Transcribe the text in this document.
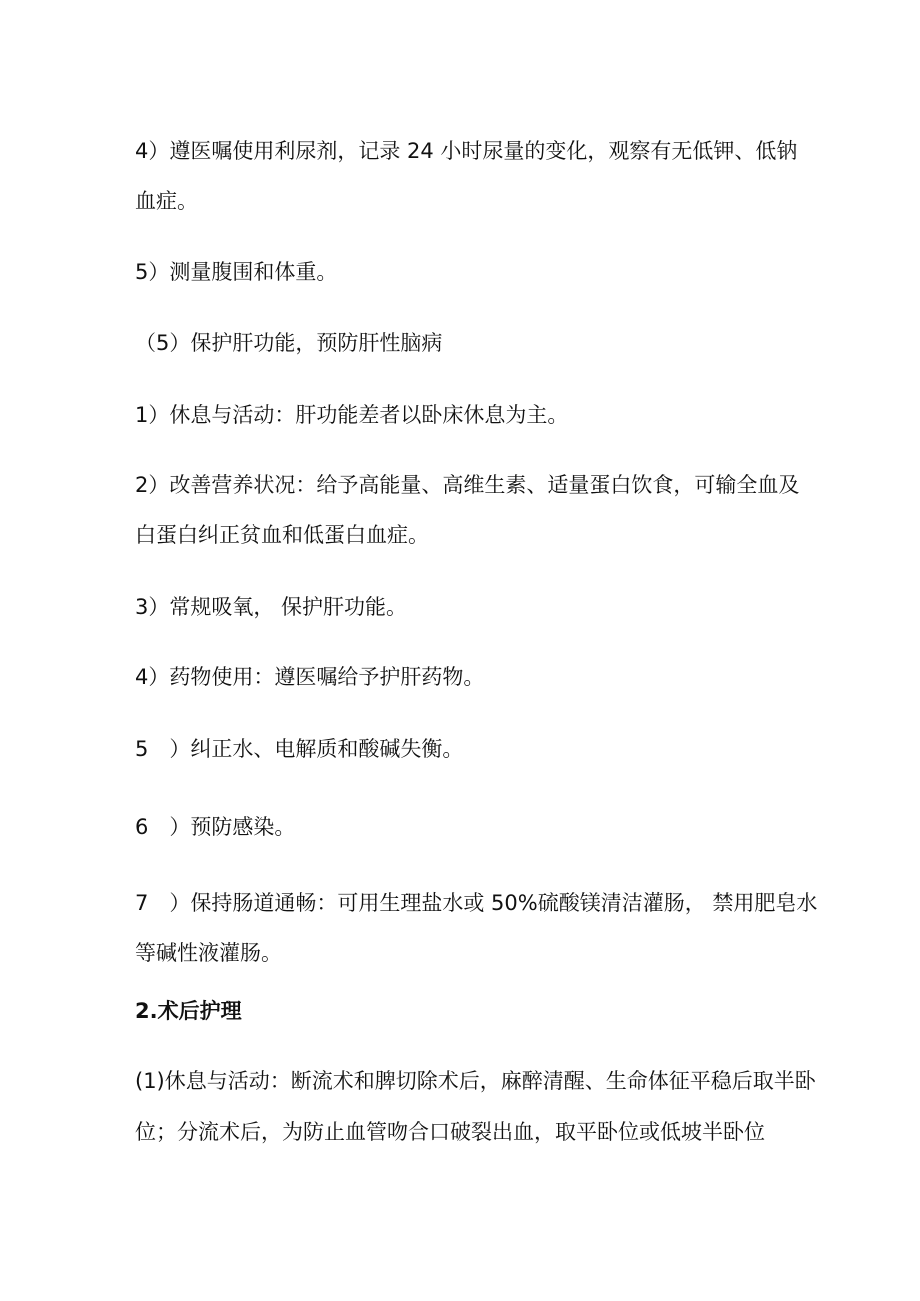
4）遵医嘱使用利尿剂，记录 24 小时尿量的变化，观察有无低钾、低钠
血症。
5）测量腹围和体重。
（5）保护肝功能，预防肝性脑病
1）休息与活动：肝功能差者以卧床休息为主。
2）改善营养状况：给予高能量、高维生素、适量蛋白饮食，可输全血及
白蛋白纠正贫血和低蛋白血症。
3）常规吸氧， 保护肝功能。
4）药物使用：遵医嘱给予护肝药物。
5　）纠正水、电解质和酸碱失衡。
6　）预防感染。
7　）保持肠道通畅：可用生理盐水或 50%硫酸镁清洁灌肠， 禁用肥皂水
等碱性液灌肠。
2.术后护理
(1)休息与活动：断流术和脾切除术后，麻醉清醒、生命体征平稳后取半卧
位；分流术后，为防止血管吻合口破裂出血，取平卧位或低坡半卧位
